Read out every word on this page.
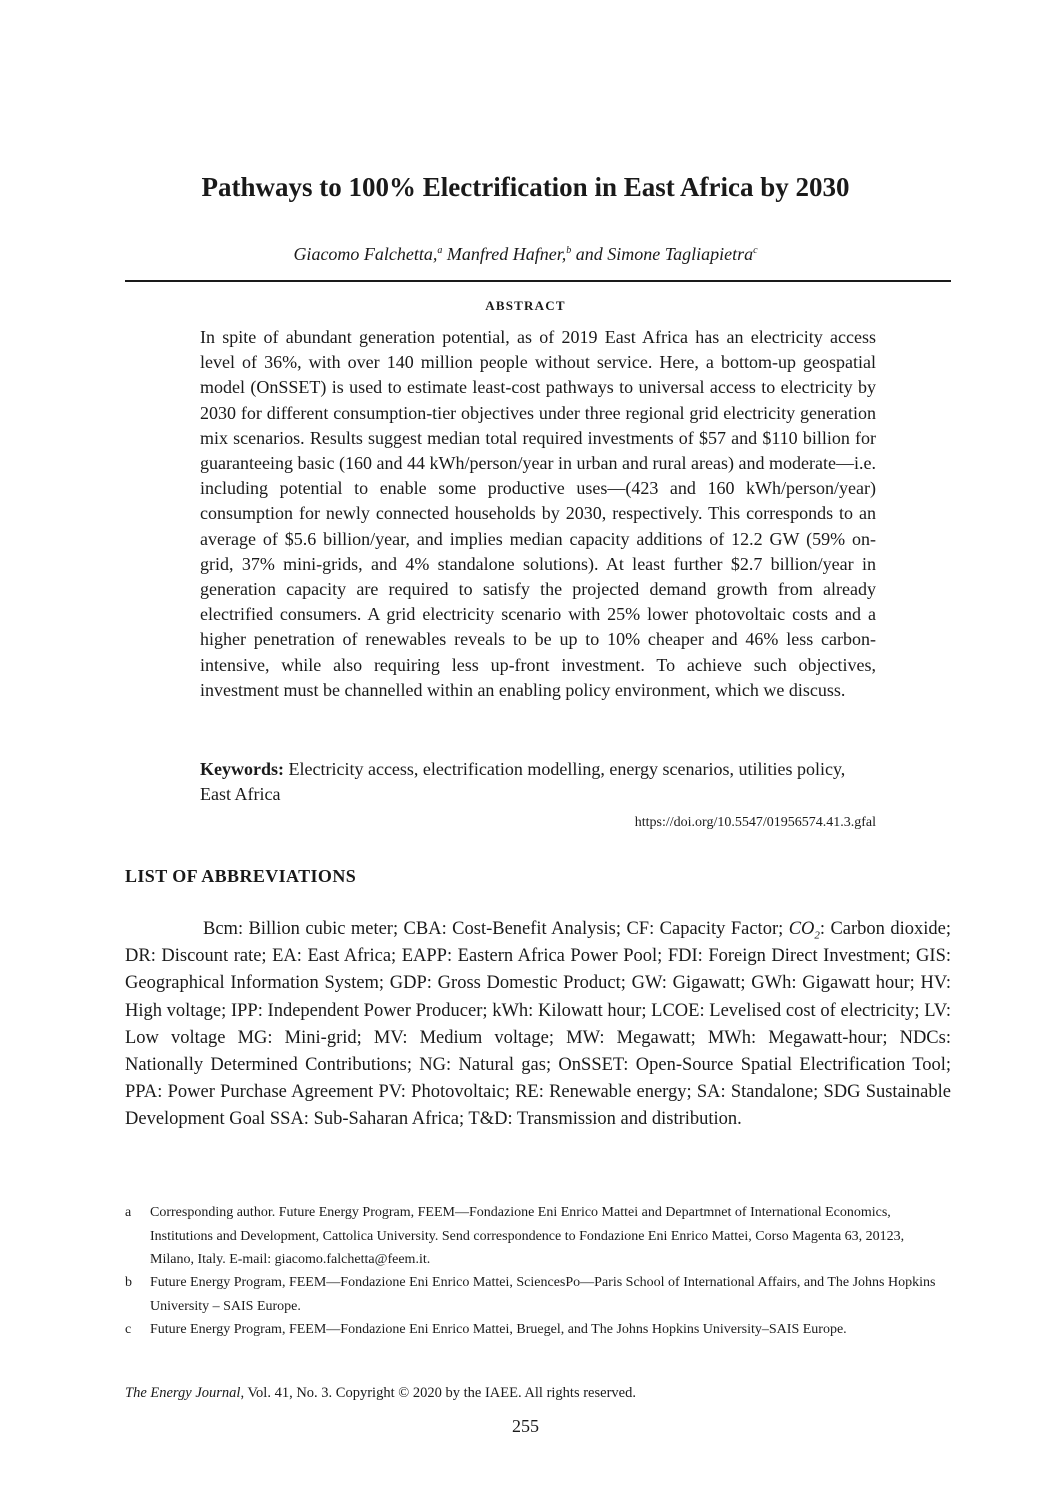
Pathways to 100% Electrification in East Africa by 2030
Giacomo Falchetta,$^a$ Manfred Hafner,$^b$ and Simone Tagliapietra$^c$
ABSTRACT

In spite of abundant generation potential, as of 2019 East Africa has an electricity access level of 36%, with over 140 million people without service. Here, a bottom-up geospatial model (OnSSET) is used to estimate least-cost pathways to universal access to electricity by 2030 for different consumption-tier objectives under three regional grid electricity generation mix scenarios. Results suggest median total required investments of $57 and $110 billion for guaranteeing basic (160 and 44 kWh/person/year in urban and rural areas) and moderate—i.e. including potential to enable some productive uses—(423 and 160 kWh/person/year) consumption for newly connected households by 2030, respectively. This corresponds to an average of $5.6 billion/year, and implies median capacity additions of 12.2 GW (59% on-grid, 37% mini-grids, and 4% standalone solutions). At least further $2.7 billion/year in generation capacity are required to satisfy the projected demand growth from already electrified consumers. A grid electricity scenario with 25% lower photovoltaic costs and a higher penetration of renewables reveals to be up to 10% cheaper and 46% less carbon-intensive, while also requiring less up-front investment. To achieve such objectives, investment must be channelled within an enabling policy environment, which we discuss.

Keywords: Electricity access, electrification modelling, energy scenarios, utilities policy, East Africa

https://doi.org/10.5547/01956574.41.3.gfal
LIST OF ABBREVIATIONS

Bcm: Billion cubic meter; CBA: Cost-Benefit Analysis; CF: Capacity Factor; $CO_2$: Carbon dioxide; DR: Discount rate; EA: East Africa; EAPP: Eastern Africa Power Pool; FDI: Foreign Direct Investment; GIS: Geographical Information System; GDP: Gross Domestic Product; GW: Gigawatt; GWh: Gigawatt hour; HV: High voltage; IPP: Independent Power Producer; kWh: Kilowatt hour; LCOE: Levelised cost of electricity; LV: Low voltage MG: Mini-grid; MV: Medium voltage; MW: Megawatt; MWh: Megawatt-hour; NDCs: Nationally Determined Contributions; NG: Natural gas; OnSSET: Open-Source Spatial Electrification Tool; PPA: Power Purchase Agreement PV: Photovoltaic; RE: Renewable energy; SA: Standalone; SDG Sustainable Development Goal SSA: Sub-Saharan Africa; T&D: Transmission and distribution.

a	Corresponding author. Future Energy Program, FEEM—Fondazione Eni Enrico Mattei and Departmnet of International Economics, Institutions and Development, Cattolica University. Send correspondence to Fondazione Eni Enrico Mattei, Corso Magenta 63, 20123, Milano, Italy. E-mail: giacomo.falchetta@feem.it.
b	Future Energy Program, FEEM—Fondazione Eni Enrico Mattei, SciencesPo—Paris School of International Affairs, and The Johns Hopkins University – SAIS Europe.
c	Future Energy Program, FEEM—Fondazione Eni Enrico Mattei, Bruegel, and The Johns Hopkins University–SAIS Europe.
The Energy Journal, Vol. 41, No. 3. Copyright © 2020 by the IAEE. All rights reserved.
255
